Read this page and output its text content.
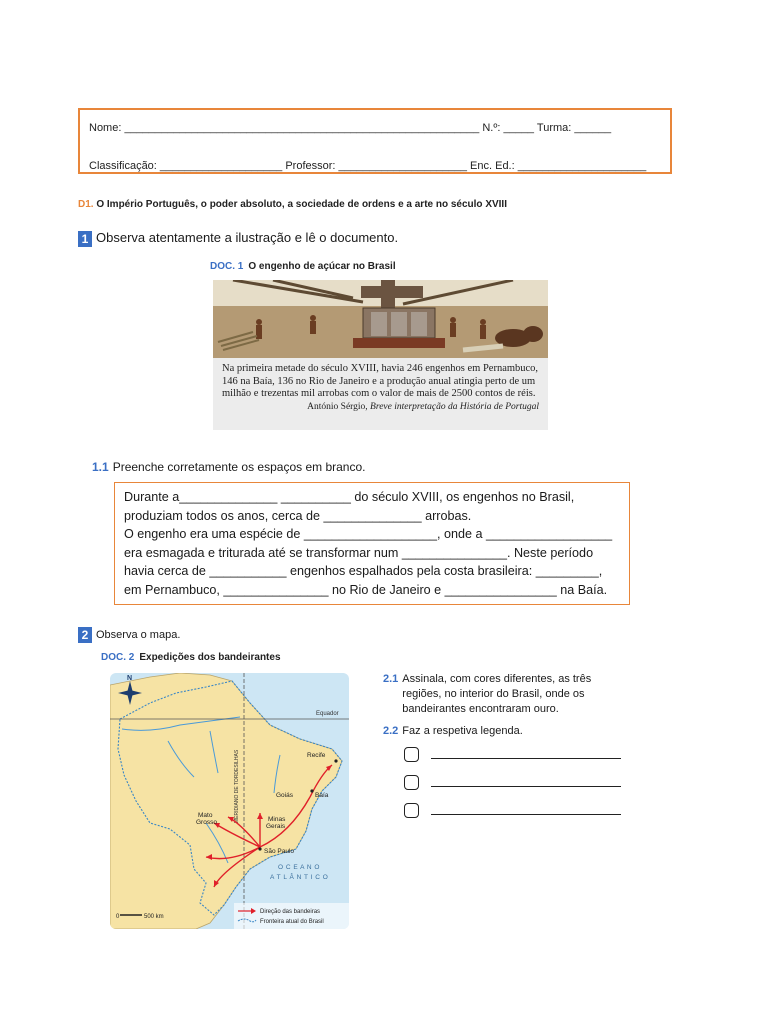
Nome: __________________________________________________________ N.º: _____ Turma: ______
Classificação: ____________________ Professor: _____________________ Enc. Ed.: _____________________
D1. O Império Português, o poder absoluto, a sociedade de ordens e a arte no século XVIII
1 Observa atentamente a ilustração e lê o documento.
DOC. 1 O engenho de açúcar no Brasil
Na primeira metade do século XVIII, havia 246 engenhos em Pernambuco, 146 na Baía, 136 no Rio de Janeiro e a produção anual atingia perto de um milhão e trezentas mil arrobas com o valor de mais de 2500 contos de réis.
António Sérgio, Breve interpretação da História de Portugal
1.1 Preenche corretamente os espaços em branco.
Durante a______________ __________ do século XVIII, os engenhos no Brasil,
produziam todos os anos, cerca de ______________ arrobas.
O engenho era uma espécie de ___________________, onde a __________________
era esmagada e triturada até se transformar num _______________. Neste período
havia cerca de ___________ engenhos espalhados pela costa brasileira: _________,
em Pernambuco, _______________ no Rio de Janeiro e ________________ na Baía.
2 Observa o mapa.
DOC. 2 Expedições dos bandeirantes
Equador
MERIDIANO DE TORDESILHAS
N
Recife
Goiás	Baía
Mato
Grosso	Minas
Gerais
São Paulo
O C E A N O
A T L Â N T I C O
0	500 km
Direção das bandeiras
Fronteira atual do Brasil
2.1 Assinala, com cores diferentes, as três regiões, no interior do Brasil, onde os bandeirantes encontraram ouro.
2.2 Faz a respetiva legenda.
